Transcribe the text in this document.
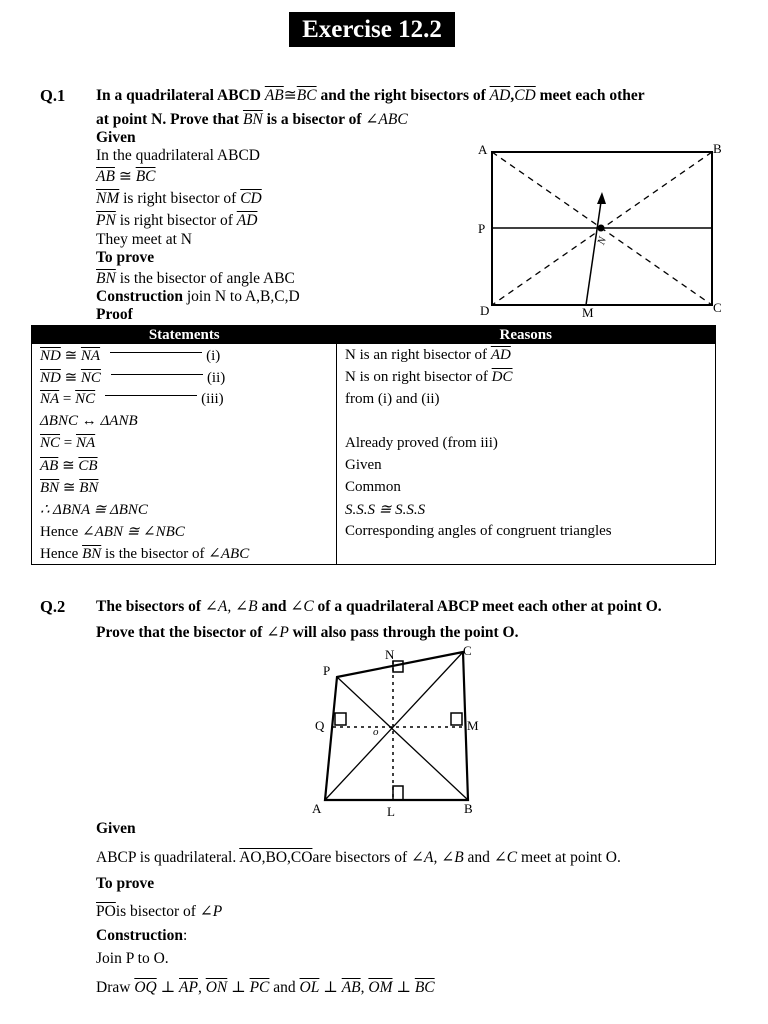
Exercise 12.2
Q.1 In a quadrilateral ABCD $\overline{AB}≅\overline{BC}$ and the right bisectors of $\overline{AD},\overline{CD}$ meet each other
at point N. Prove that $\overline{BN}$ is a bisector of ∠ABC
Given
In the quadrilateral ABCD
$\overline{AB}$ ≅ $\overline{BC}$
$\overline{NM}$ is right bisector of $\overline{CD}$
$\overline{PN}$ is right bisector of $\overline{AD}$
They meet at N
To prove
$\overline{BN}$ is the bisector of angle ABC
Construction join N to A,B,C,D
Proof
A	B
C
D
P
M
N
Statements	Reasons
$\overline{ND}$ ≅ $\overline{NA}$ (i)	N is an right bisector of $\overline{AD}$
$\overline{ND}$ ≅ $\overline{NC}$ (ii)	N is on right bisector of $\overline{DC}$
$\overline{NA} = \overline{NC}$ (iii)	from (i) and (ii)
ΔBNC ↔ ΔANB	
$\overline{NC} = \overline{NA}$	Already proved (from iii)
$\overline{AB}$ ≅ $\overline{CB}$	Given
$\overline{BN}$ ≅ $\overline{BN}$	Common
∴ ΔBNA ≅ ΔBNC	S.S.S ≅ S.S.S
Hence ∠ABN ≅ ∠NBC	Corresponding angles of congruent triangles
Hence $\overline{BN}$ is the bisector of ∠ABC	
Q.2 The bisectors of ∠A, ∠B and ∠C of a quadrilateral ABCP meet each other at point O.
Prove that the bisector of ∠P will also pass through the point O.
N	C
P
Q	o	M
A	L	B
Given
ABCP is quadrilateral. AO,BO,COare bisectors of ∠A, ∠B and ∠C meet at point O.
To prove
$\overline{PO}is$ bisector of ∠P
Construction:
Join P to O.
Draw $\overline{OQ}$ ⊥ $\overline{AP}$, $\overline{ON}$ ⊥ $\overline{PC}$ and $\overline{OL}$ ⊥ $\overline{AB}$, $\overline{OM}$ ⊥ $\overline{BC}$
